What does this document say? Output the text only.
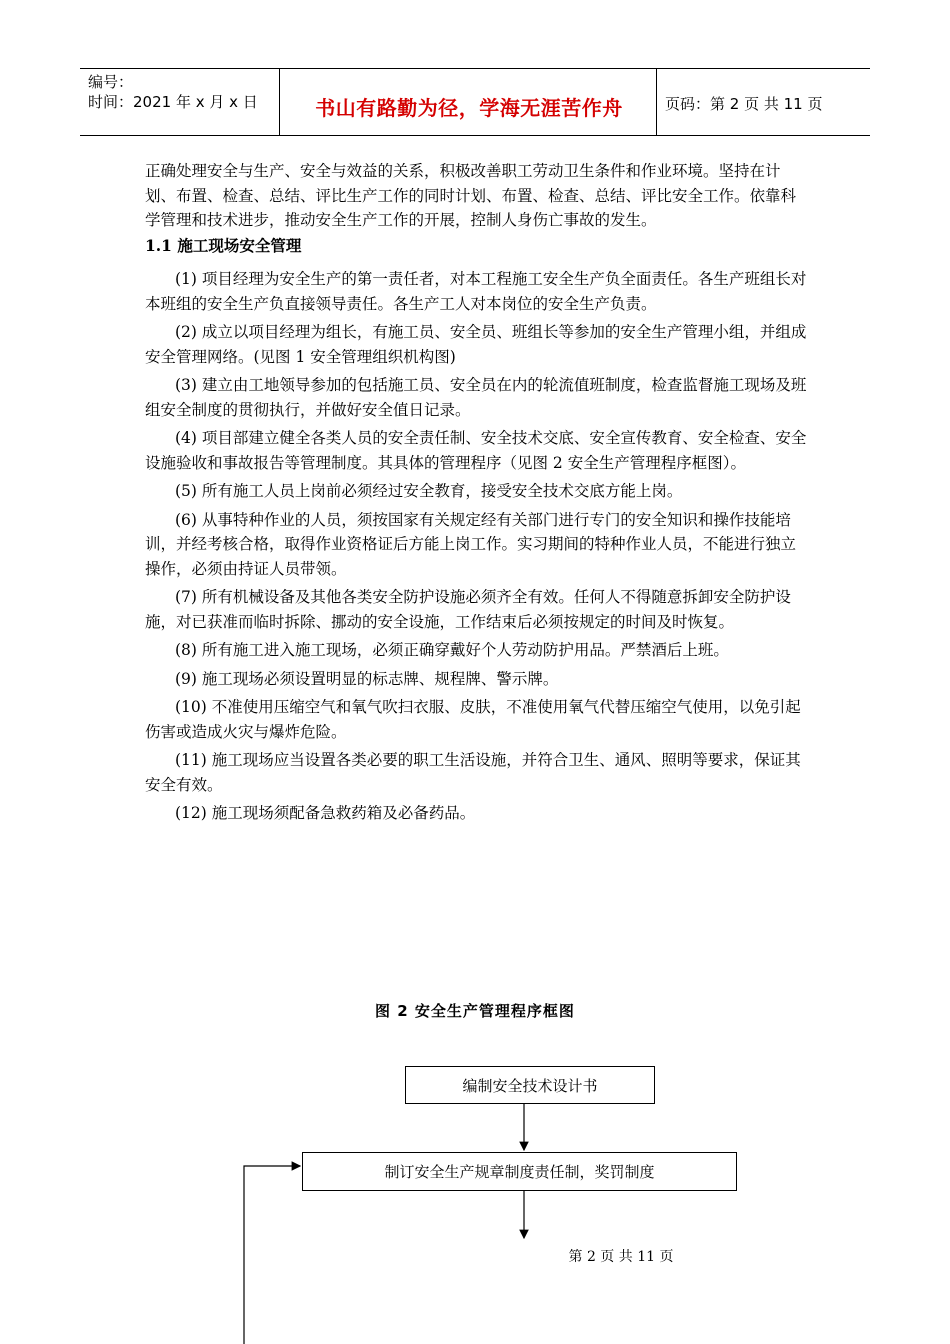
编号：
时间：2021 年 x 月 x 日	书山有路勤为径，学海无涯苦作舟	页码：第 2 页 共 11 页
正确处理安全与生产、安全与效益的关系，积极改善职工劳动卫生条件和作业环境。坚持在计划、布置、检查、总结、评比生产工作的同时计划、布置、检查、总结、评比安全工作。依靠科学管理和技术进步，推动安全生产工作的开展，控制人身伤亡事故的发生。
1.1 施工现场安全管理

(1) 项目经理为安全生产的第一责任者，对本工程施工安全生产负全面责任。各生产班组长对本班组的安全生产负直接领导责任。各生产工人对本岗位的安全生产负责。

(2) 成立以项目经理为组长，有施工员、安全员、班组长等参加的安全生产管理小组，并组成安全管理网络。(见图 1 安全管理组织机构图)

(3) 建立由工地领导参加的包括施工员、安全员在内的轮流值班制度，检查监督施工现场及班组安全制度的贯彻执行，并做好安全值日记录。

(4) 项目部建立健全各类人员的安全责任制、安全技术交底、安全宣传教育、安全检查、安全设施验收和事故报告等管理制度。其具体的管理程序（见图 2 安全生产管理程序框图）。

(5) 所有施工人员上岗前必须经过安全教育，接受安全技术交底方能上岗。

(6) 从事特种作业的人员，须按国家有关规定经有关部门进行专门的安全知识和操作技能培训，并经考核合格，取得作业资格证后方能上岗工作。实习期间的特种作业人员，不能进行独立操作，必须由持证人员带领。

(7) 所有机械设备及其他各类安全防护设施必须齐全有效。任何人不得随意拆卸安全防护设施，对已获准而临时拆除、挪动的安全设施，工作结束后必须按规定的时间及时恢复。

(8) 所有施工进入施工现场，必须正确穿戴好个人劳动防护用品。严禁酒后上班。

(9) 施工现场必须设置明显的标志牌、规程牌、警示牌。

(10) 不准使用压缩空气和氧气吹扫衣服、皮肤，不准使用氧气代替压缩空气使用，以免引起伤害或造成火灾与爆炸危险。

(11) 施工现场应当设置各类必要的职工生活设施，并符合卫生、通风、照明等要求，保证其安全有效。

(12) 施工现场须配备急救药箱及必备药品。

图 2 安全生产管理程序框图
编制安全技术设计书
制订安全生产规章制度责任制，奖罚制度
第 2 页 共 11 页
